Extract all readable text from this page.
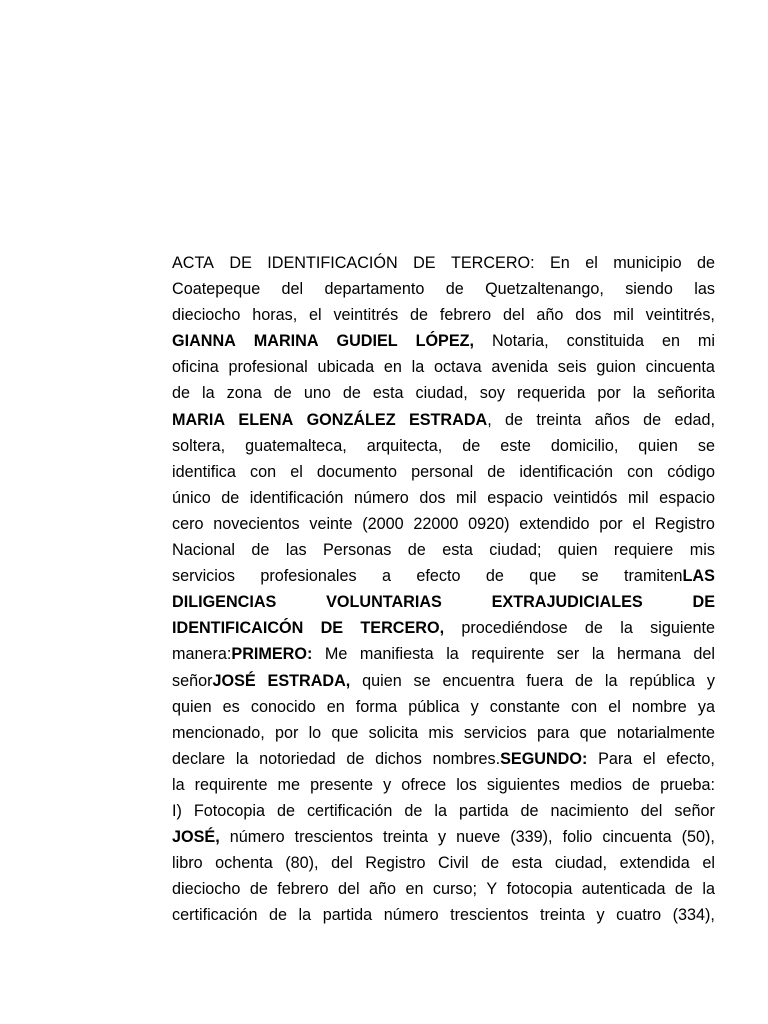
ACTA DE IDENTIFICACIÓN DE TERCERO: En el municipio de
Coatepeque del departamento de Quetzaltenango, siendo las
dieciocho horas, el veintitrés de febrero del año dos mil veintitrés,
GIANNA MARINA GUDIEL LÓPEZ, Notaria, constituida en mi
oficina profesional ubicada en la octava avenida seis guion cincuenta
de la zona de uno de esta ciudad, soy requerida por la señorita
MARIA ELENA GONZÁLEZ ESTRADA, de treinta años de edad,
soltera, guatemalteca, arquitecta, de este domicilio, quien se
identifica con el documento personal de identificación con código
único de identificación número dos mil espacio veintidós mil espacio
cero novecientos veinte (2000 22000 0920) extendido por el Registro
Nacional de las Personas de esta ciudad; quien requiere mis
servicios profesionales a efecto de que se tramitenLAS
DILIGENCIAS	VOLUNTARIAS	EXTRAJUDICIALES	DE
IDENTIFICAICÓN DE TERCERO, procediéndose de la siguiente
manera:PRIMERO: Me manifiesta la requirente ser la hermana del
señorJOSÉ ESTRADA, quien se encuentra fuera de la república y
quien es conocido en forma pública y constante con el nombre ya
mencionado, por lo que solicita mis servicios para que notarialmente
declare la notoriedad de dichos nombres.SEGUNDO: Para el efecto,
la requirente me presente y ofrece los siguientes medios de prueba:
I) Fotocopia de certificación de la partida de nacimiento del señor
JOSÉ, número trescientos treinta y nueve (339), folio cincuenta (50),
libro ochenta (80), del Registro Civil de esta ciudad, extendida el
dieciocho de febrero del año en curso; Y fotocopia autenticada de la
certificación de la partida número trescientos treinta y cuatro (334),
